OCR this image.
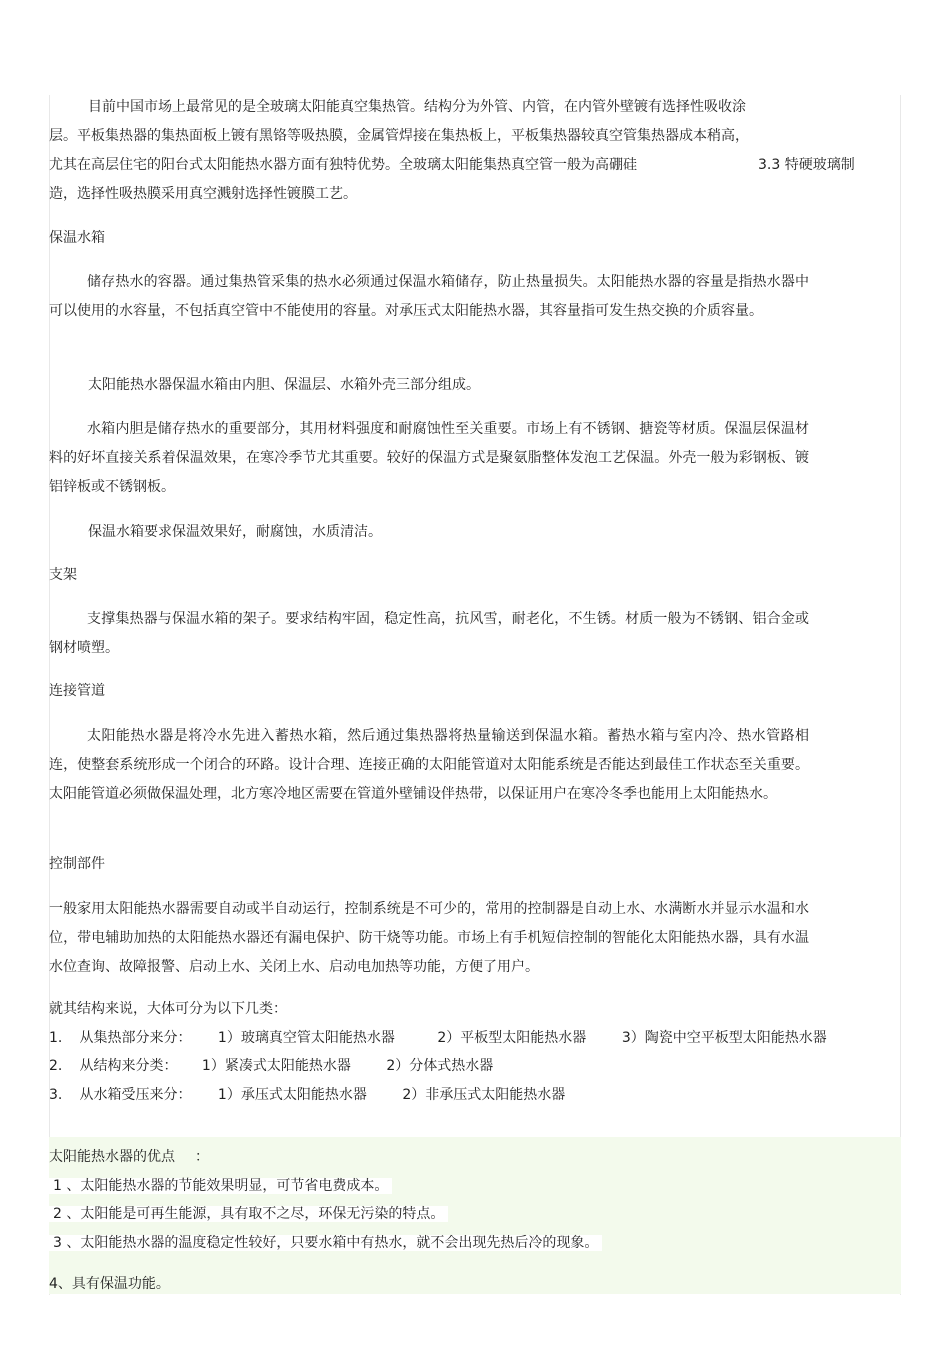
目前中国市场上最常见的是全玻璃太阳能真空集热管。结构分为外管、内管，在内管外壁镀有选择性吸收涂
层。平板集热器的集热面板上镀有黑铬等吸热膜，金属管焊接在集热板上，平板集热器较真空管集热器成本稍高，
尤其在高层住宅的阳台式太阳能热水器方面有独特优势。全玻璃太阳能集热真空管一般为高硼硅	3.3 特硬玻璃制
造，选择性吸热膜采用真空溅射选择性镀膜工艺。
保温水箱
储存热水的容器。通过集热管采集的热水必须通过保温水箱储存，防止热量损失。太阳能热水器的容量是指热水器中可以使用的水容量，不包括真空管中不能使用的容量。对承压式太阳能热水器，其容量指可发生热交换的介质容量。
太阳能热水器保温水箱由内胆、保温层、水箱外壳三部分组成。
水箱内胆是储存热水的重要部分，其用材料强度和耐腐蚀性至关重要。市场上有不锈钢、搪瓷等材质。保温层保温材料的好坏直接关系着保温效果，在寒冷季节尤其重要。较好的保温方式是聚氨脂整体发泡工艺保温。外壳一般为彩钢板、镀铝锌板或不锈钢板。
保温水箱要求保温效果好，耐腐蚀，水质清洁。
支架
支撑集热器与保温水箱的架子。要求结构牢固，稳定性高，抗风雪，耐老化，不生锈。材质一般为不锈钢、铝合金或钢材喷塑。
连接管道
太阳能热水器是将冷水先进入蓄热水箱，然后通过集热器将热量输送到保温水箱。蓄热水箱与室内冷、热水管路相连，使整套系统形成一个闭合的环路。设计合理、连接正确的太阳能管道对太阳能系统是否能达到最佳工作状态至关重要。太阳能管道必须做保温处理，北方寒冷地区需要在管道外壁铺设伴热带，以保证用户在寒冷冬季也能用上太阳能热水。
控制部件
一般家用太阳能热水器需要自动或半自动运行，控制系统是不可少的，常用的控制器是自动上水、水满断水并显示水温和水位，带电辅助加热的太阳能热水器还有漏电保护、防干烧等功能。市场上有手机短信控制的智能化太阳能热水器，具有水温水位查询、故障报警、启动上水、关闭上水、启动电加热等功能，方便了用户。
就其结构来说，大体可分为以下几类：
1. 从集热部分来分： 1）玻璃真空管太阳能热水器	2）平板型太阳能热水器	3）陶瓷中空平板型太阳能热水器
2. 从结构来分类： 1）紧凑式太阳能热水器	2）分体式热水器
3. 从水箱受压来分： 1）承压式太阳能热水器	2）非承压式太阳能热水器
太阳能热水器的优点 ：
1 、太阳能热水器的节能效果明显，可节省电费成本。
2 、太阳能是可再生能源，具有取不之尽，环保无污染的特点。
3 、太阳能热水器的温度稳定性较好，只要水箱中有热水，就不会出现先热后冷的现象。
4、具有保温功能。
